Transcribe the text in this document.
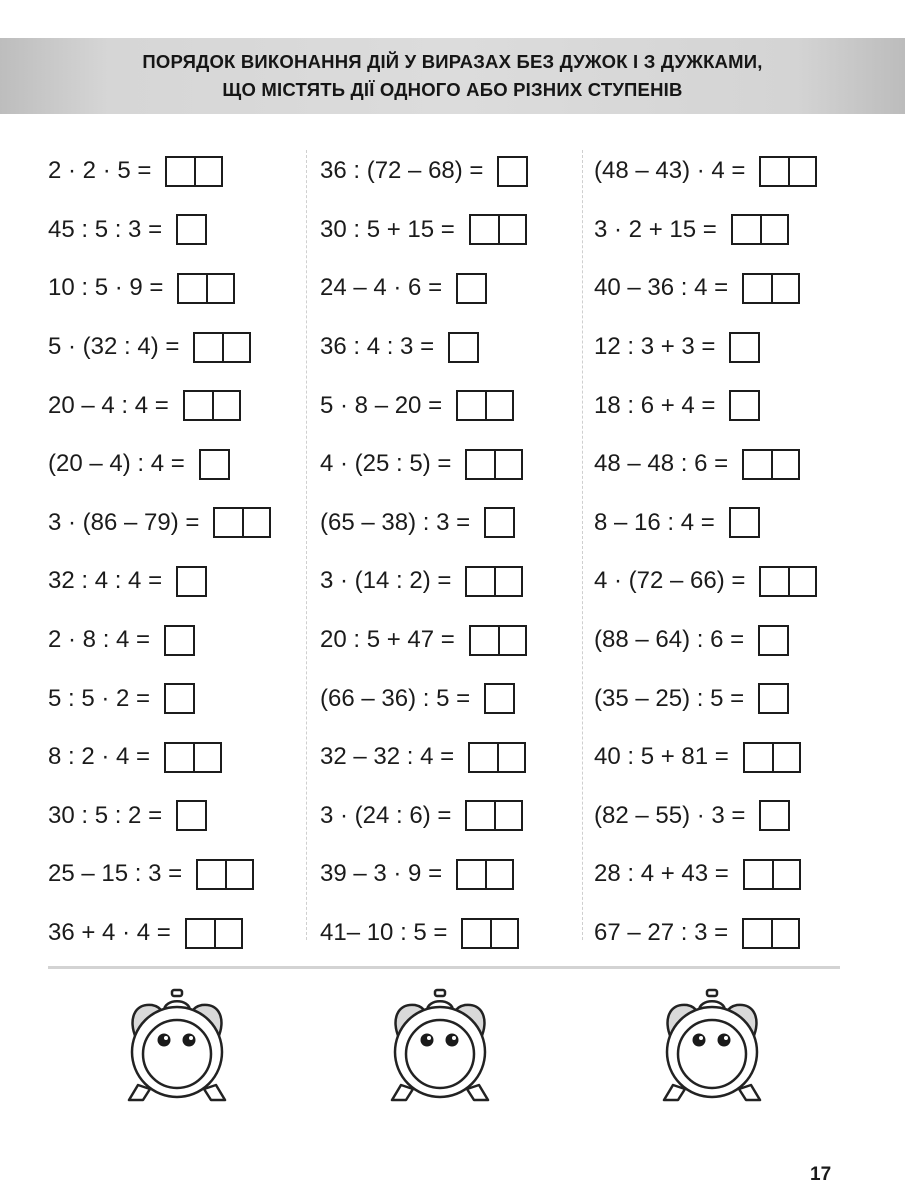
ПОРЯДОК ВИКОНАННЯ ДІЙ У ВИРАЗАХ БЕЗ ДУЖОК І З ДУЖКАМИ,
ЩО МІСТЯТЬ ДІЇ ОДНОГО АБО РІЗНИХ СТУПЕНІВ
2 · 2 · 5 =
45 : 5 : 3 =
10 : 5 · 9 =
5 · (32 : 4) =
20 – 4 : 4 =
(20 – 4) : 4 =
3 · (86 – 79) =
32 : 4 : 4 =
2 · 8 : 4 =
5 : 5 · 2 =
8 : 2 · 4 =
30 : 5 : 2 =
25 – 15 : 3 =
36 + 4 · 4 =
36 : (72 – 68) =
30 : 5 + 15 =
24 – 4 · 6 =
36 : 4 : 3 =
5 · 8 – 20 =
4 · (25 : 5) =
(65 – 38) : 3 =
3 · (14 : 2) =
20 : 5 + 47 =
(66 – 36) : 5 =
32 – 32 : 4 =
3 · (24 : 6) =
39 – 3 · 9 =
41– 10 : 5 =
(48 – 43) · 4 =
3 · 2 + 15 =
40 – 36 : 4 =
12 : 3 + 3 =
18 : 6 + 4 =
48 – 48 : 6 =
8 – 16 : 4 =
4 · (72 – 66) =
(88 – 64) : 6 =
(35 – 25) : 5 =
40 : 5 + 81 =
(82 – 55) · 3 =
28 : 4 + 43 =
67 – 27 : 3 =
17
